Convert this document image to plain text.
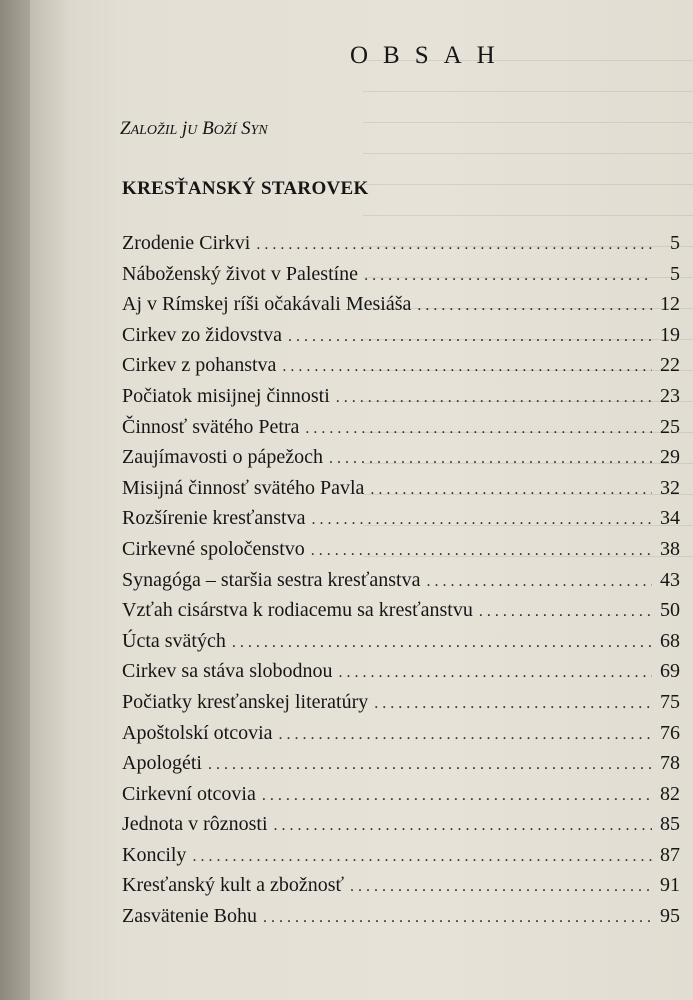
OBSAH

ZALOŽIL jU BOŽÍ SYN

KRESŤANSKÝ STAROVEK
Zrodenie Cirkvi . . .	5
Náboženský život v Palestíne . . .	5
Aj v Rímskej ríši očakávali Mesiáša . . .	12
Cirkev zo židovstva . . .	19
Cirkev z pohanstva . . .	22
Počiatok misijnej činnosti . . .	23
Činnosť svätého Petra . . .	25
Zaujímavosti o pápežoch . . .	29
Misijná činnosť svätého Pavla . . .	32
Rozšírenie kresťanstva . . .	34
Cirkevné spoločenstvo . . .	38
Synagóga – staršia sestra kresťanstva . . .	43
Vzťah cisárstva k rodiacemu sa kresťanstvu . . .	50
Úcta svätých . . .	68
Cirkev sa stáva slobodnou . . .	69
Počiatky kresťanskej literatúry . . .	75
Apoštolskí otcovia . . .	76
Apologéti . . .	78
Cirkevní otcovia . . .	82
Jednota v rôznosti . . .	85
Koncily . . .	87
Kresťanský kult a zbožnosť . . .	91
Zasvätenie Bohu . . .	95
